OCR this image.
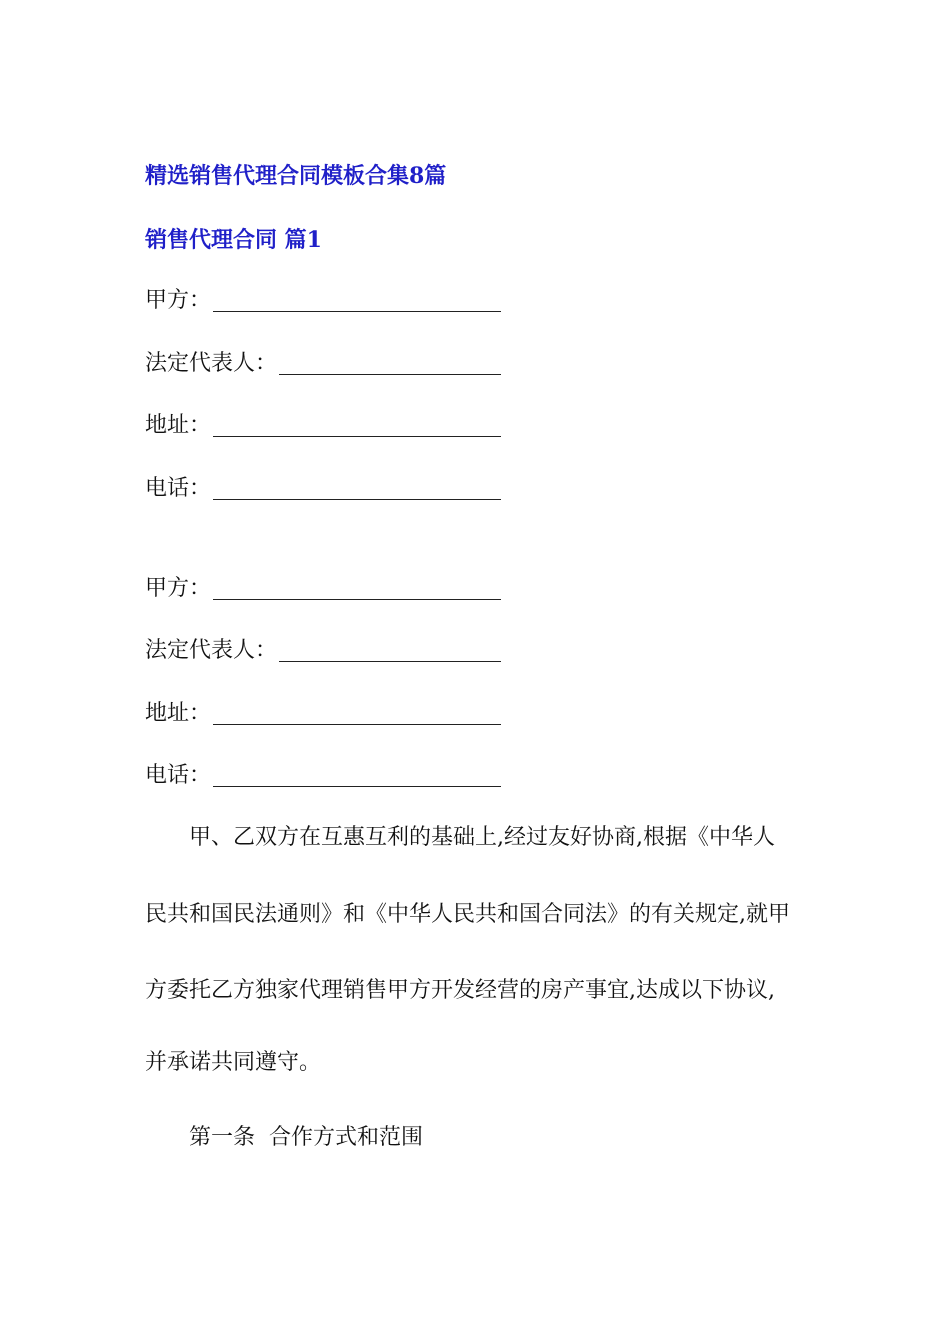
精选销售代理合同模板合集8篇
销售代理合同 篇1
甲方：
法定代表人：
地址：
电话：
甲方：
法定代表人：
地址：
电话：
甲、乙双方在互惠互利的基础上,经过友好协商,根据《中华人
民共和国民法通则》和《中华人民共和国合同法》的有关规定,就甲
方委托乙方独家代理销售甲方开发经营的房产事宜,达成以下协议,
并承诺共同遵守。
第一条  合作方式和范围
